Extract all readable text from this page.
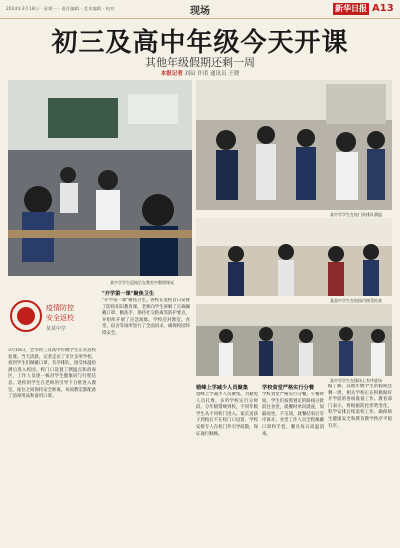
2024年3月18日 · 星期一 · 责任编辑 · 美术编辑 · 校对	现场	新华日报 A13
初三及高中年级今天开课
其他年级假期还剩一周
本报记者 刘辰 许诺 通讯员 王晓
某中学学生返校后在教室中整理课桌
某中学学生在校门前排队测温
某高中学生在校园内接受检查
某中学学生在操场上有序进场
疫情防控
安全返校
某某中学
3月18日，全市初三及高中年级学生正式返校复课。当天清晨，记者走访了市区多所学校，看到学生们佩戴口罩，有序排队，接受体温检测后进入校园。校门口设置了测温点和消毒区，工作人员逐一核对学生健康码与行程信息。返校的学生在老师的引导下分批进入教室，座位之间保持安全距离，每间教室都配备了消毒用品和备用口罩。
"开学第一课"聚焦卫生
"开学第一课"聚焦卫生。各校在返校首日安排了防疫知识教育课，老师向学生讲解了正确佩戴口罩、勤洗手、保持社交距离等防护要点，并组织开展了应急演练。学校还对教室、食堂、宿舍等场所进行了全面消杀，确保校园环境安全。
错峰上学减少人员聚集
错峰上学减少人员聚集。为避免人员扎堆，多所学校实行分时段、分年级错峰到校，不同年级学生从不同校门进入。家长送孩子到校后不在校门口逗留，学校安排专人在校门外引导疏散，保证通行顺畅。
学校食堂严格实行分餐
学校食堂严格实行分餐。午餐时间，学生们按照划定的路线分批前往食堂，就餐时单向就座，间隔而坐，不交谈，就餐结束后有序离开。食堂工作人员全程佩戴口罩和手套，餐具每日高温消毒。
据了解，其他年级学生的假期还剩一周，相关学校正在积极做好开学前的各项准备工作。教育部门表示，将根据防控形势变化，科学安排后续返校工作，确保师生健康安全和教育教学秩序平稳有序。
